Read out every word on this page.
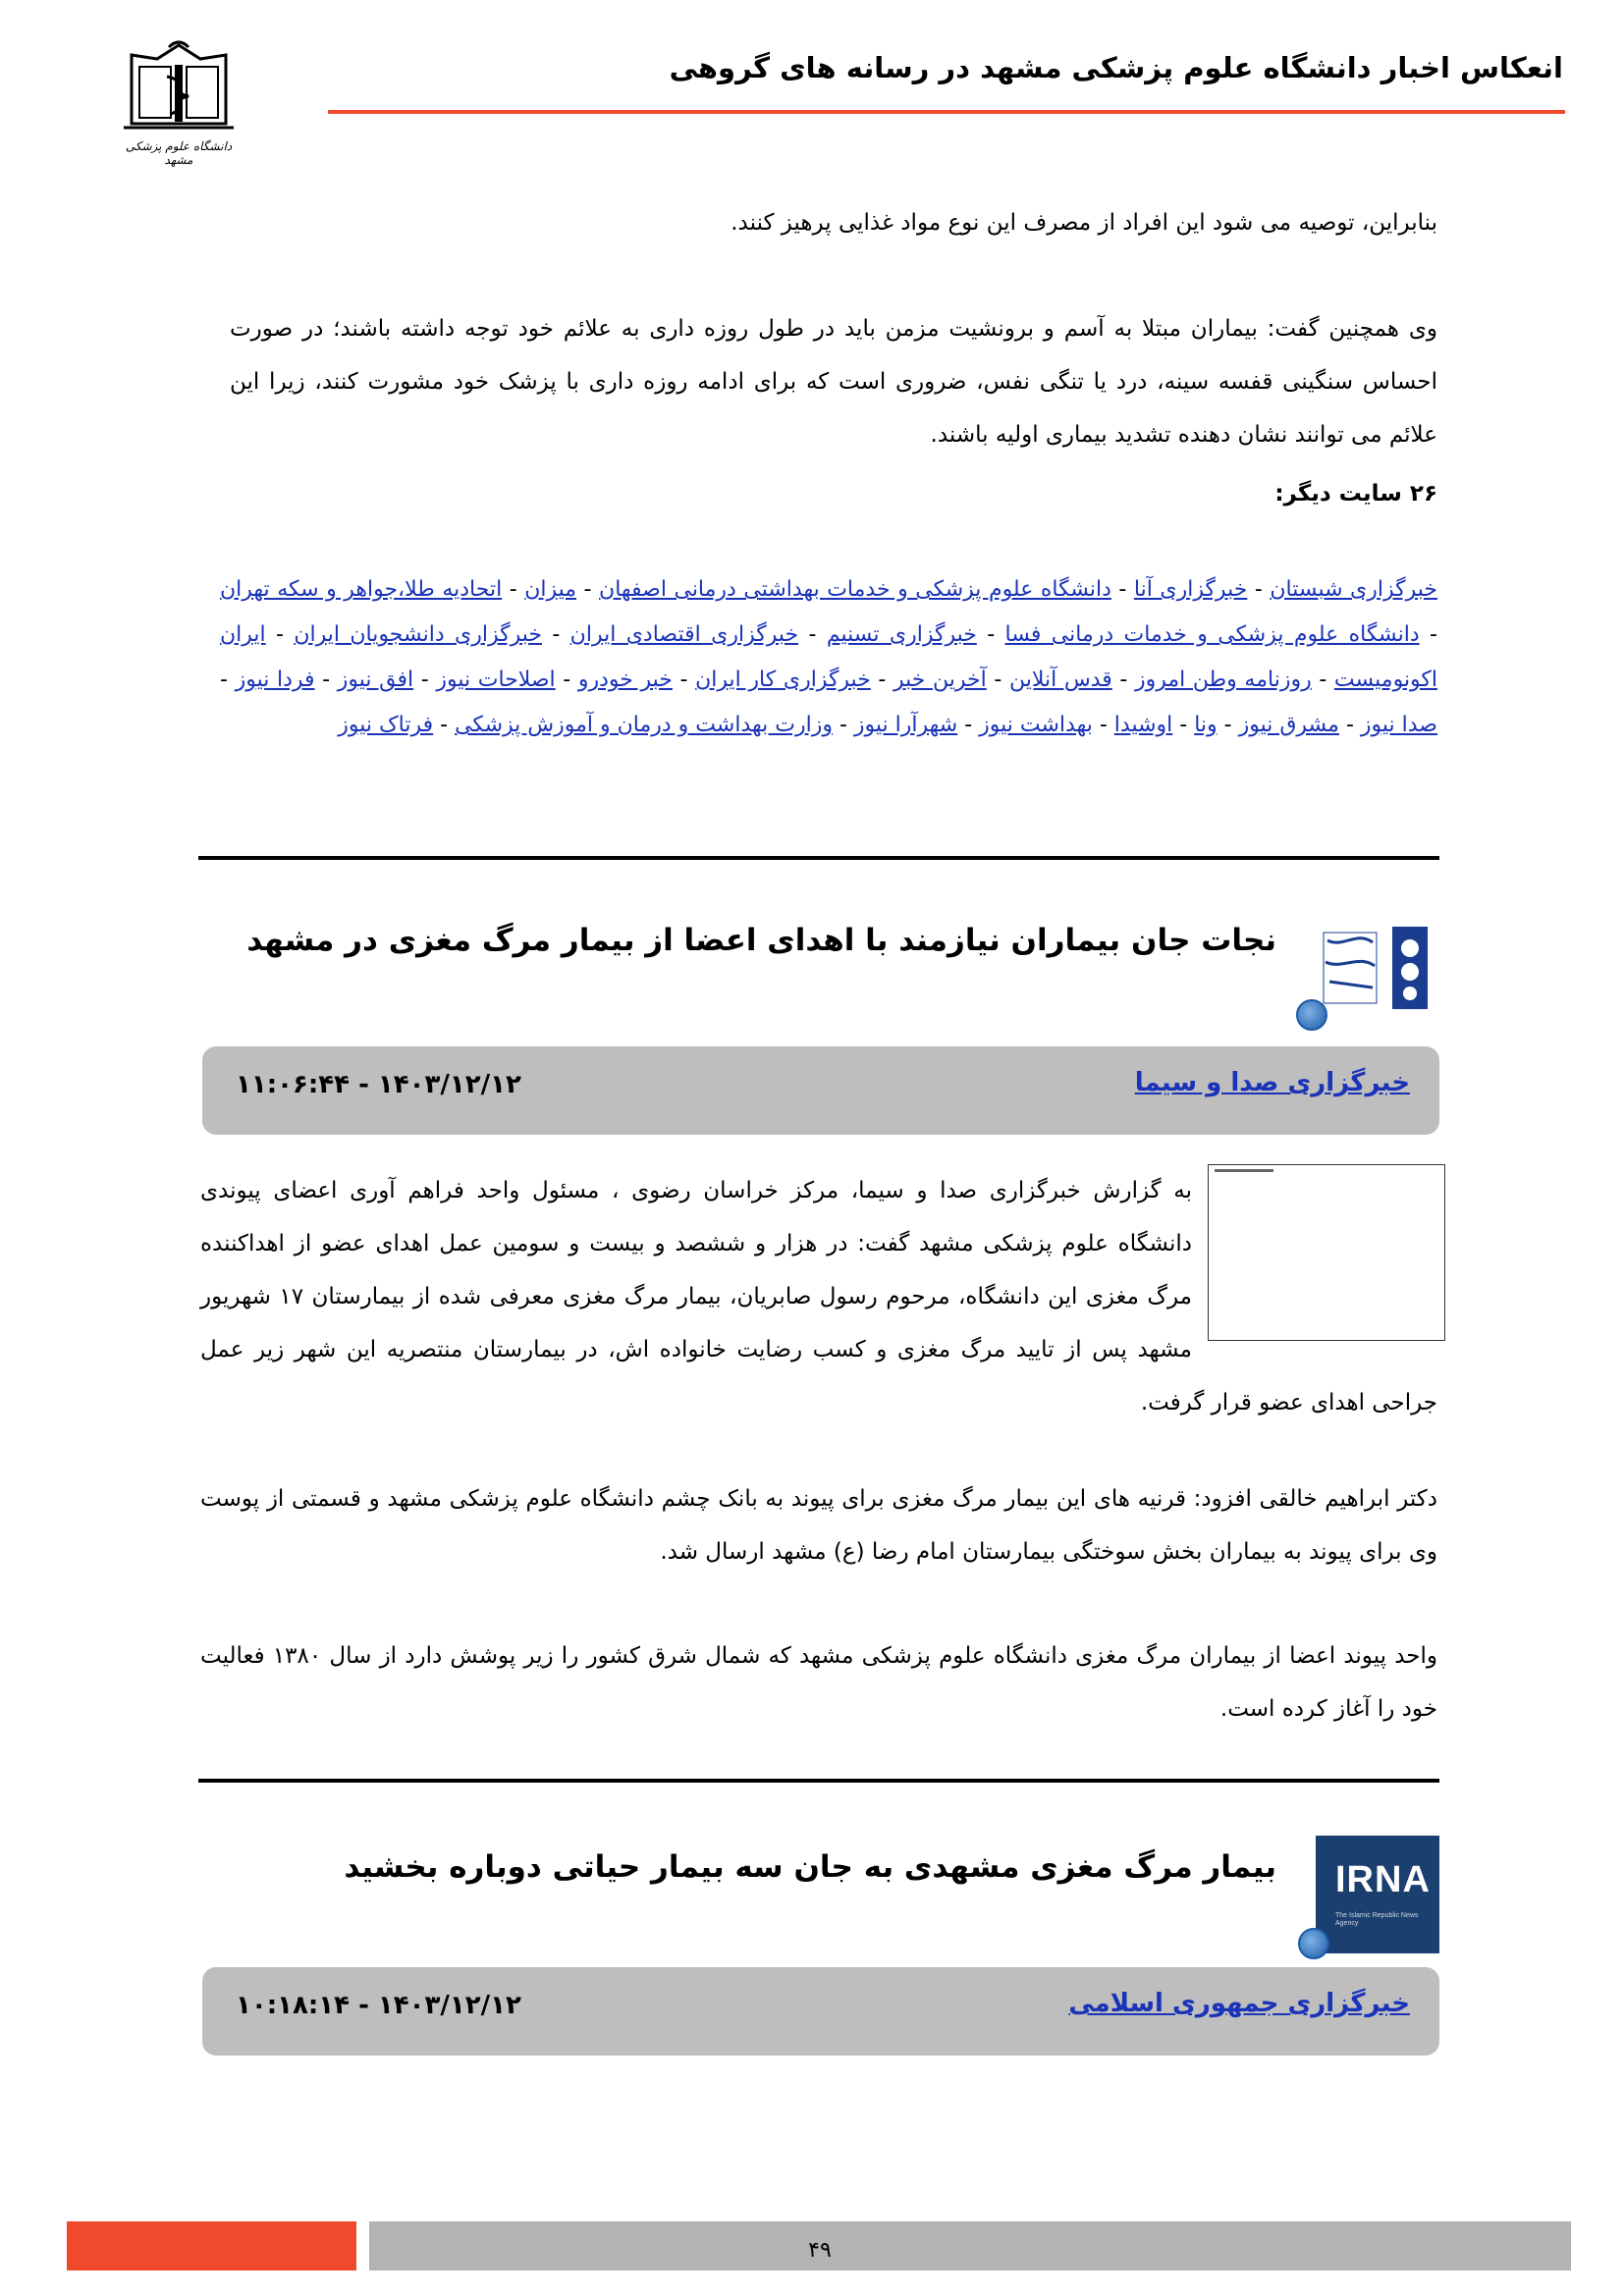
انعکاس اخبار دانشگاه علوم پزشکی مشهد در رسانه های گروهی
دانشگاه علوم پزشکی مشهد
بنابراین، توصیه می شود این افراد از مصرف این نوع مواد غذایی پرهیز کنند.
وی همچنین گفت: بیماران مبتلا به آسم و برونشیت مزمن باید در طول روزه داری به علائم خود توجه داشته باشند؛ در صورت احساس سنگینی قفسه سینه، درد یا تنگی نفس، ضروری است که برای ادامه روزه داری با پزشک خود مشورت کنند، زیرا این علائم می توانند نشان دهنده تشدید بیماری اولیه باشند.
۲۶ سایت دیگر:
خبرگزاری شبستان - خبرگزاری آنا - دانشگاه علوم پزشکی و خدمات بهداشتی درمانی اصفهان - میزان - اتحادیه طلا،جواهر و سکه تهران - دانشگاه علوم پزشکی و خدمات درمانی فسا - خبرگزاری تسنیم - خبرگزاری اقتصادی ایران - خبرگزاری دانشجویان ایران - ایران اکونومیست - روزنامه وطن امروز - قدس آنلاین - آخرین خبر - خبرگزاری کار ایران - خبر خودرو - اصلاحات نیوز - افق نیوز - فردا نیوز - صدا نیوز - مشرق نیوز - ونا - اوشیدا - بهداشت نیوز - شهرآرا نیوز - وزارت بهداشت و درمان و آموزش پزشکی - فرتاک نیوز
نجات جان بیماران نیازمند با اهدای اعضا از بیمار مرگ مغزی در مشهد
خبرگزاری صدا و سیما
۱۴۰۳/۱۲/۱۲ - ۱۱:۰۶:۴۴
به گزارش خبرگزاری صدا و سیما، مرکز خراسان رضوی ، مسئول واحد فراهم آوری اعضای پیوندی دانشگاه علوم پزشکی مشهد گفت: در هزار و ششصد و بیست و سومین عمل اهدای عضو از اهداکننده مرگ مغزی این دانشگاه، مرحوم رسول صابریان، بیمار مرگ مغزی معرفی شده از بیمارستان ۱۷ شهریور مشهد پس از تایید مرگ مغزی و کسب رضایت خانواده اش، در بیمارستان منتصریه این شهر زیر عمل جراحی اهدای عضو قرار گرفت.
دکتر ابراهیم خالقی افزود: قرنیه های این بیمار مرگ مغزی برای پیوند به بانک چشم دانشگاه علوم پزشکی مشهد و قسمتی از پوست وی برای پیوند به بیماران بخش سوختگی بیمارستان امام رضا (ع) مشهد ارسال شد.
واحد پیوند اعضا از بیماران مرگ مغزی دانشگاه علوم پزشکی مشهد که شمال شرق کشور را زیر پوشش دارد از سال ۱۳۸۰ فعالیت خود را آغاز کرده است.
IRNA
The Islamic Republic News Agency
بیمار مرگ مغزی مشهدی به جان سه بیمار حیاتی دوباره بخشید
خبرگزاری جمهوری اسلامی
۱۴۰۳/۱۲/۱۲ - ۱۰:۱۸:۱۴
۴۹
